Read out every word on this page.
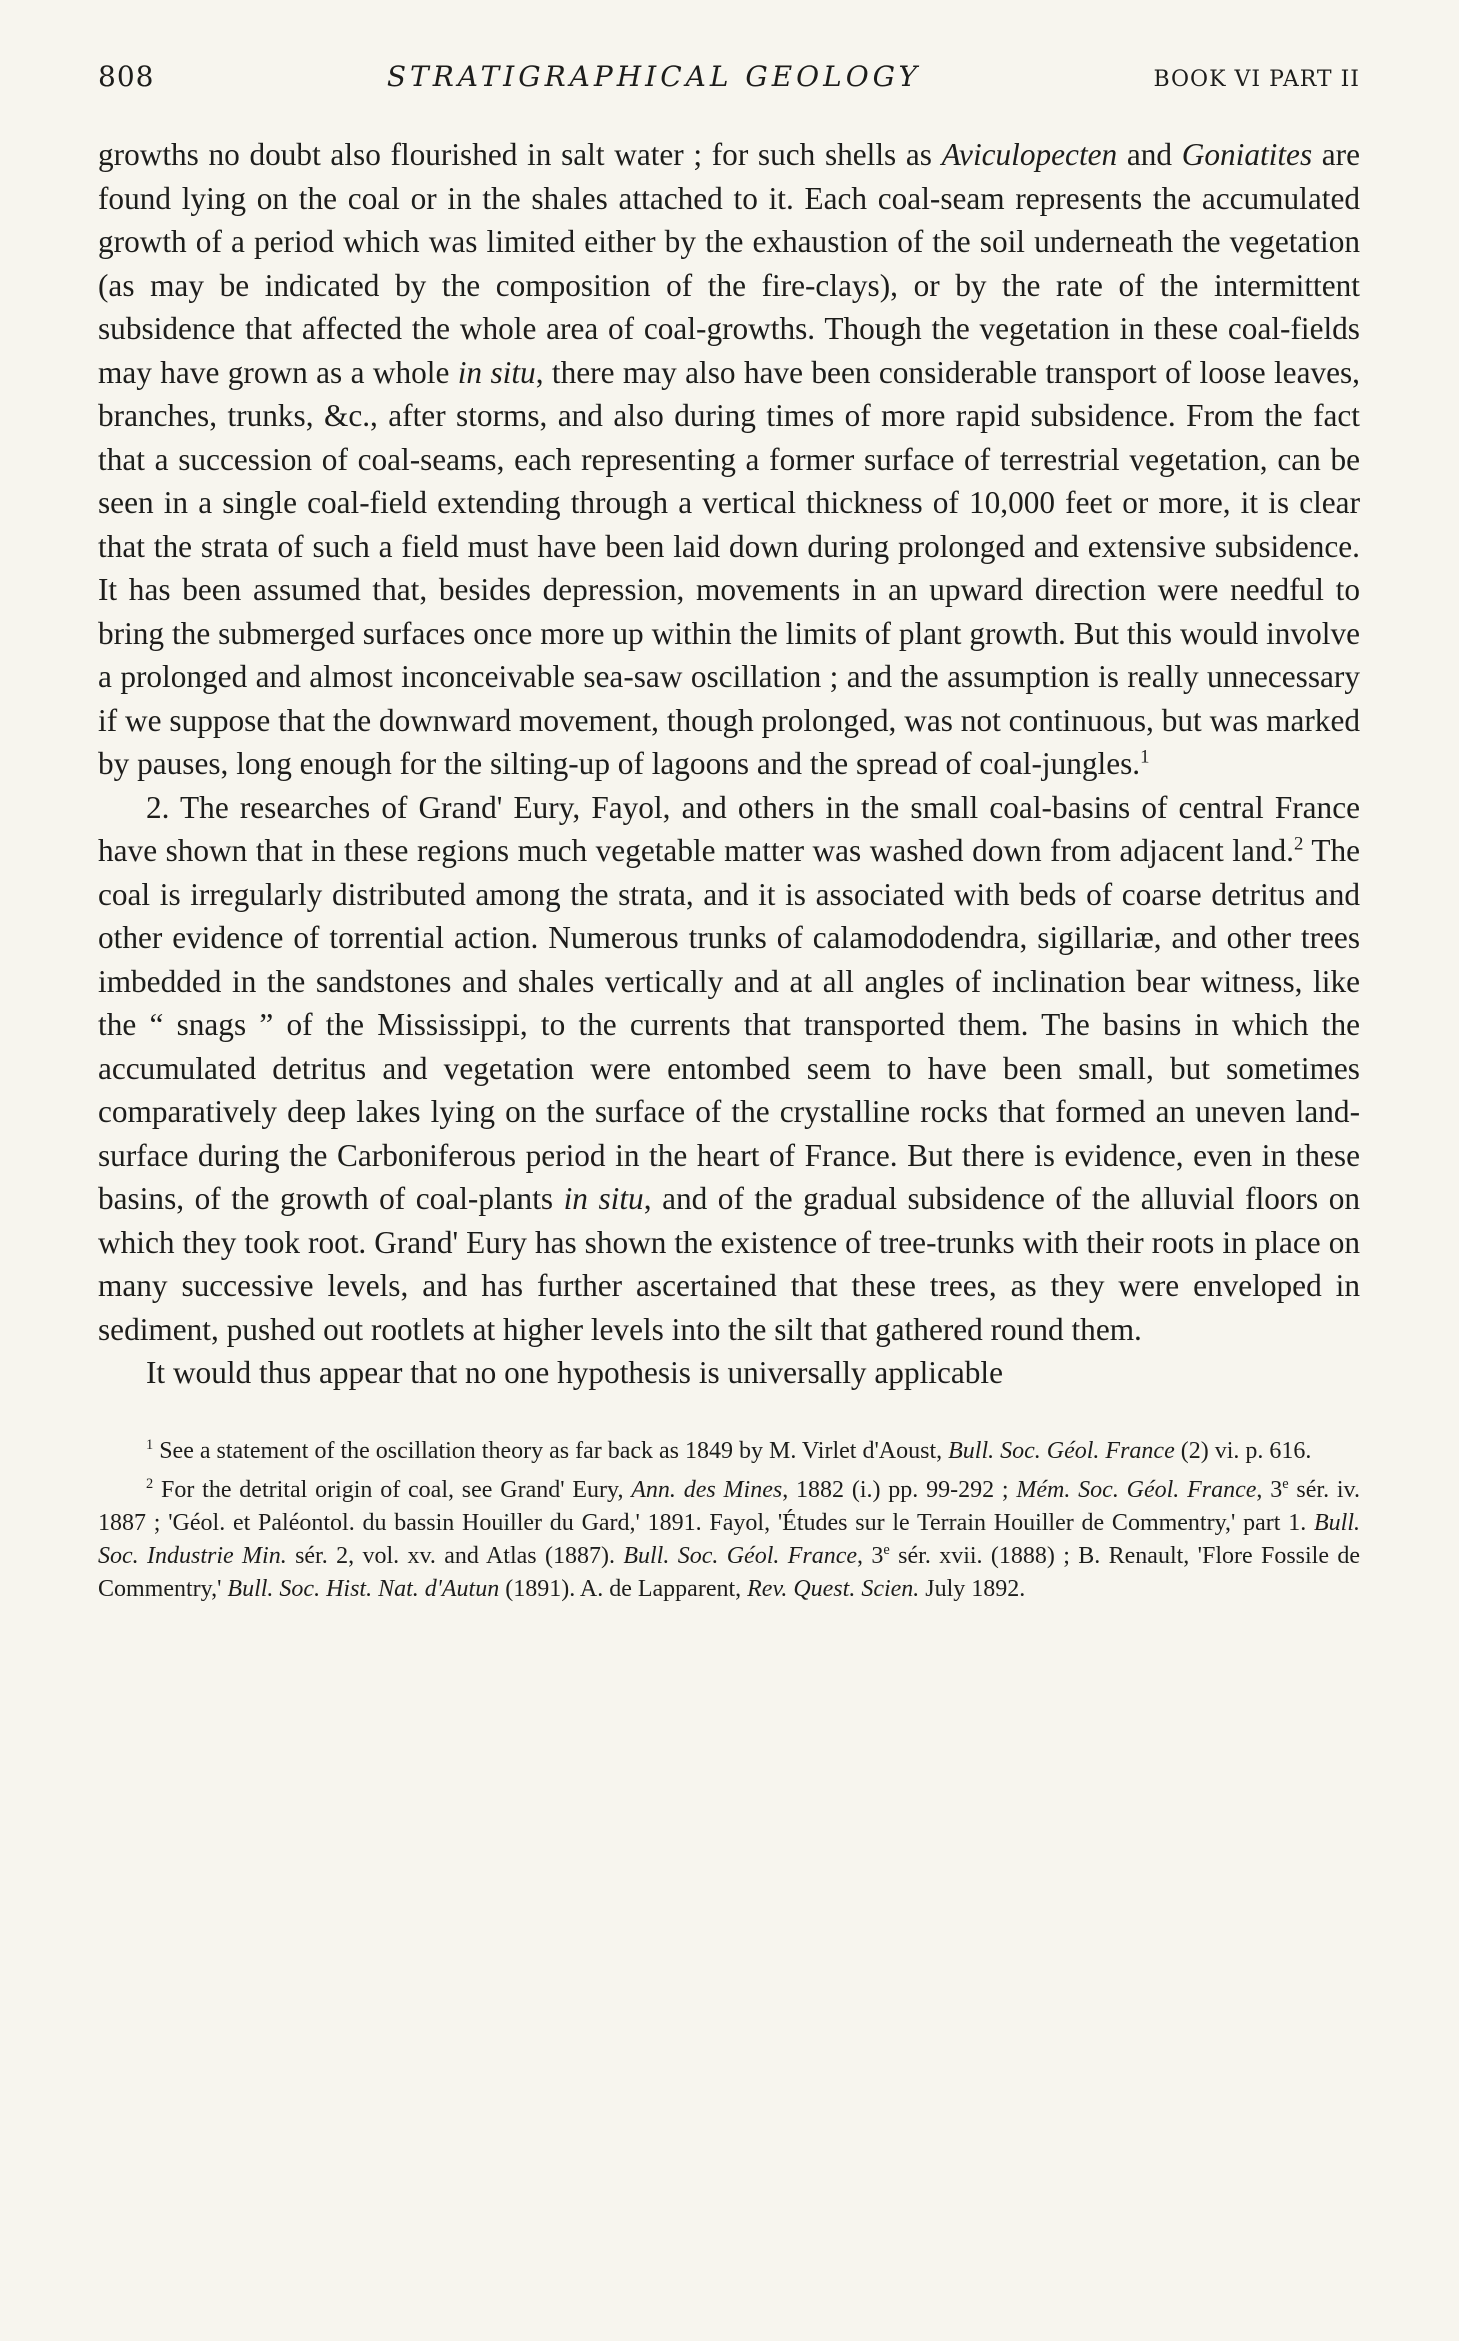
808	STRATIGRAPHICAL GEOLOGY	BOOK VI PART II

growths no doubt also flourished in salt water ; for such shells as Aviculopecten and Goniatites are found lying on the coal or in the shales attached to it. Each coal-seam represents the accumulated growth of a period which was limited either by the exhaustion of the soil underneath the vegetation (as may be indicated by the composition of the fire-clays), or by the rate of the intermittent subsidence that affected the whole area of coal-growths. Though the vegetation in these coal-fields may have grown as a whole in situ, there may also have been considerable transport of loose leaves, branches, trunks, &c., after storms, and also during times of more rapid subsidence. From the fact that a succession of coal-seams, each representing a former surface of terrestrial vegetation, can be seen in a single coal-field extending through a vertical thickness of 10,000 feet or more, it is clear that the strata of such a field must have been laid down during prolonged and extensive subsidence. It has been assumed that, besides depression, movements in an upward direction were needful to bring the submerged surfaces once more up within the limits of plant growth. But this would involve a prolonged and almost inconceivable sea-saw oscillation ; and the assumption is really unnecessary if we suppose that the downward movement, though prolonged, was not continuous, but was marked by pauses, long enough for the silting-up of lagoons and the spread of coal-jungles.$^1$

2. The researches of Grand' Eury, Fayol, and others in the small coal-basins of central France have shown that in these regions much vegetable matter was washed down from adjacent land.$^2$ The coal is irregularly distributed among the strata, and it is associated with beds of coarse detritus and other evidence of torrential action. Numerous trunks of calamododendra, sigillariæ, and other trees imbedded in the sandstones and shales vertically and at all angles of inclination bear witness, like the “ snags ” of the Mississippi, to the currents that transported them. The basins in which the accumulated detritus and vegetation were entombed seem to have been small, but sometimes comparatively deep lakes lying on the surface of the crystalline rocks that formed an uneven land-surface during the Carboniferous period in the heart of France. But there is evidence, even in these basins, of the growth of coal-plants in situ, and of the gradual subsidence of the alluvial floors on which they took root. Grand' Eury has shown the existence of tree-trunks with their roots in place on many successive levels, and has further ascertained that these trees, as they were enveloped in sediment, pushed out rootlets at higher levels into the silt that gathered round them.

It would thus appear that no one hypothesis is universally applicable

$^1$ See a statement of the oscillation theory as far back as 1849 by M. Virlet d'Aoust, Bull. Soc. Géol. France (2) vi. p. 616.

$^2$ For the detrital origin of coal, see Grand' Eury, Ann. des Mines, 1882 (i.) pp. 99-292 ; Mém. Soc. Géol. France, 3e sér. iv. 1887 ; 'Géol. et Paléontol. du bassin Houiller du Gard,' 1891. Fayol, 'Études sur le Terrain Houiller de Commentry,' part 1. Bull. Soc. Industrie Min. sér. 2, vol. xv. and Atlas (1887). Bull. Soc. Géol. France, 3e sér. xvii. (1888) ; B. Renault, 'Flore Fossile de Commentry,' Bull. Soc. Hist. Nat. d'Autun (1891). A. de Lapparent, Rev. Quest. Scien. July 1892.
